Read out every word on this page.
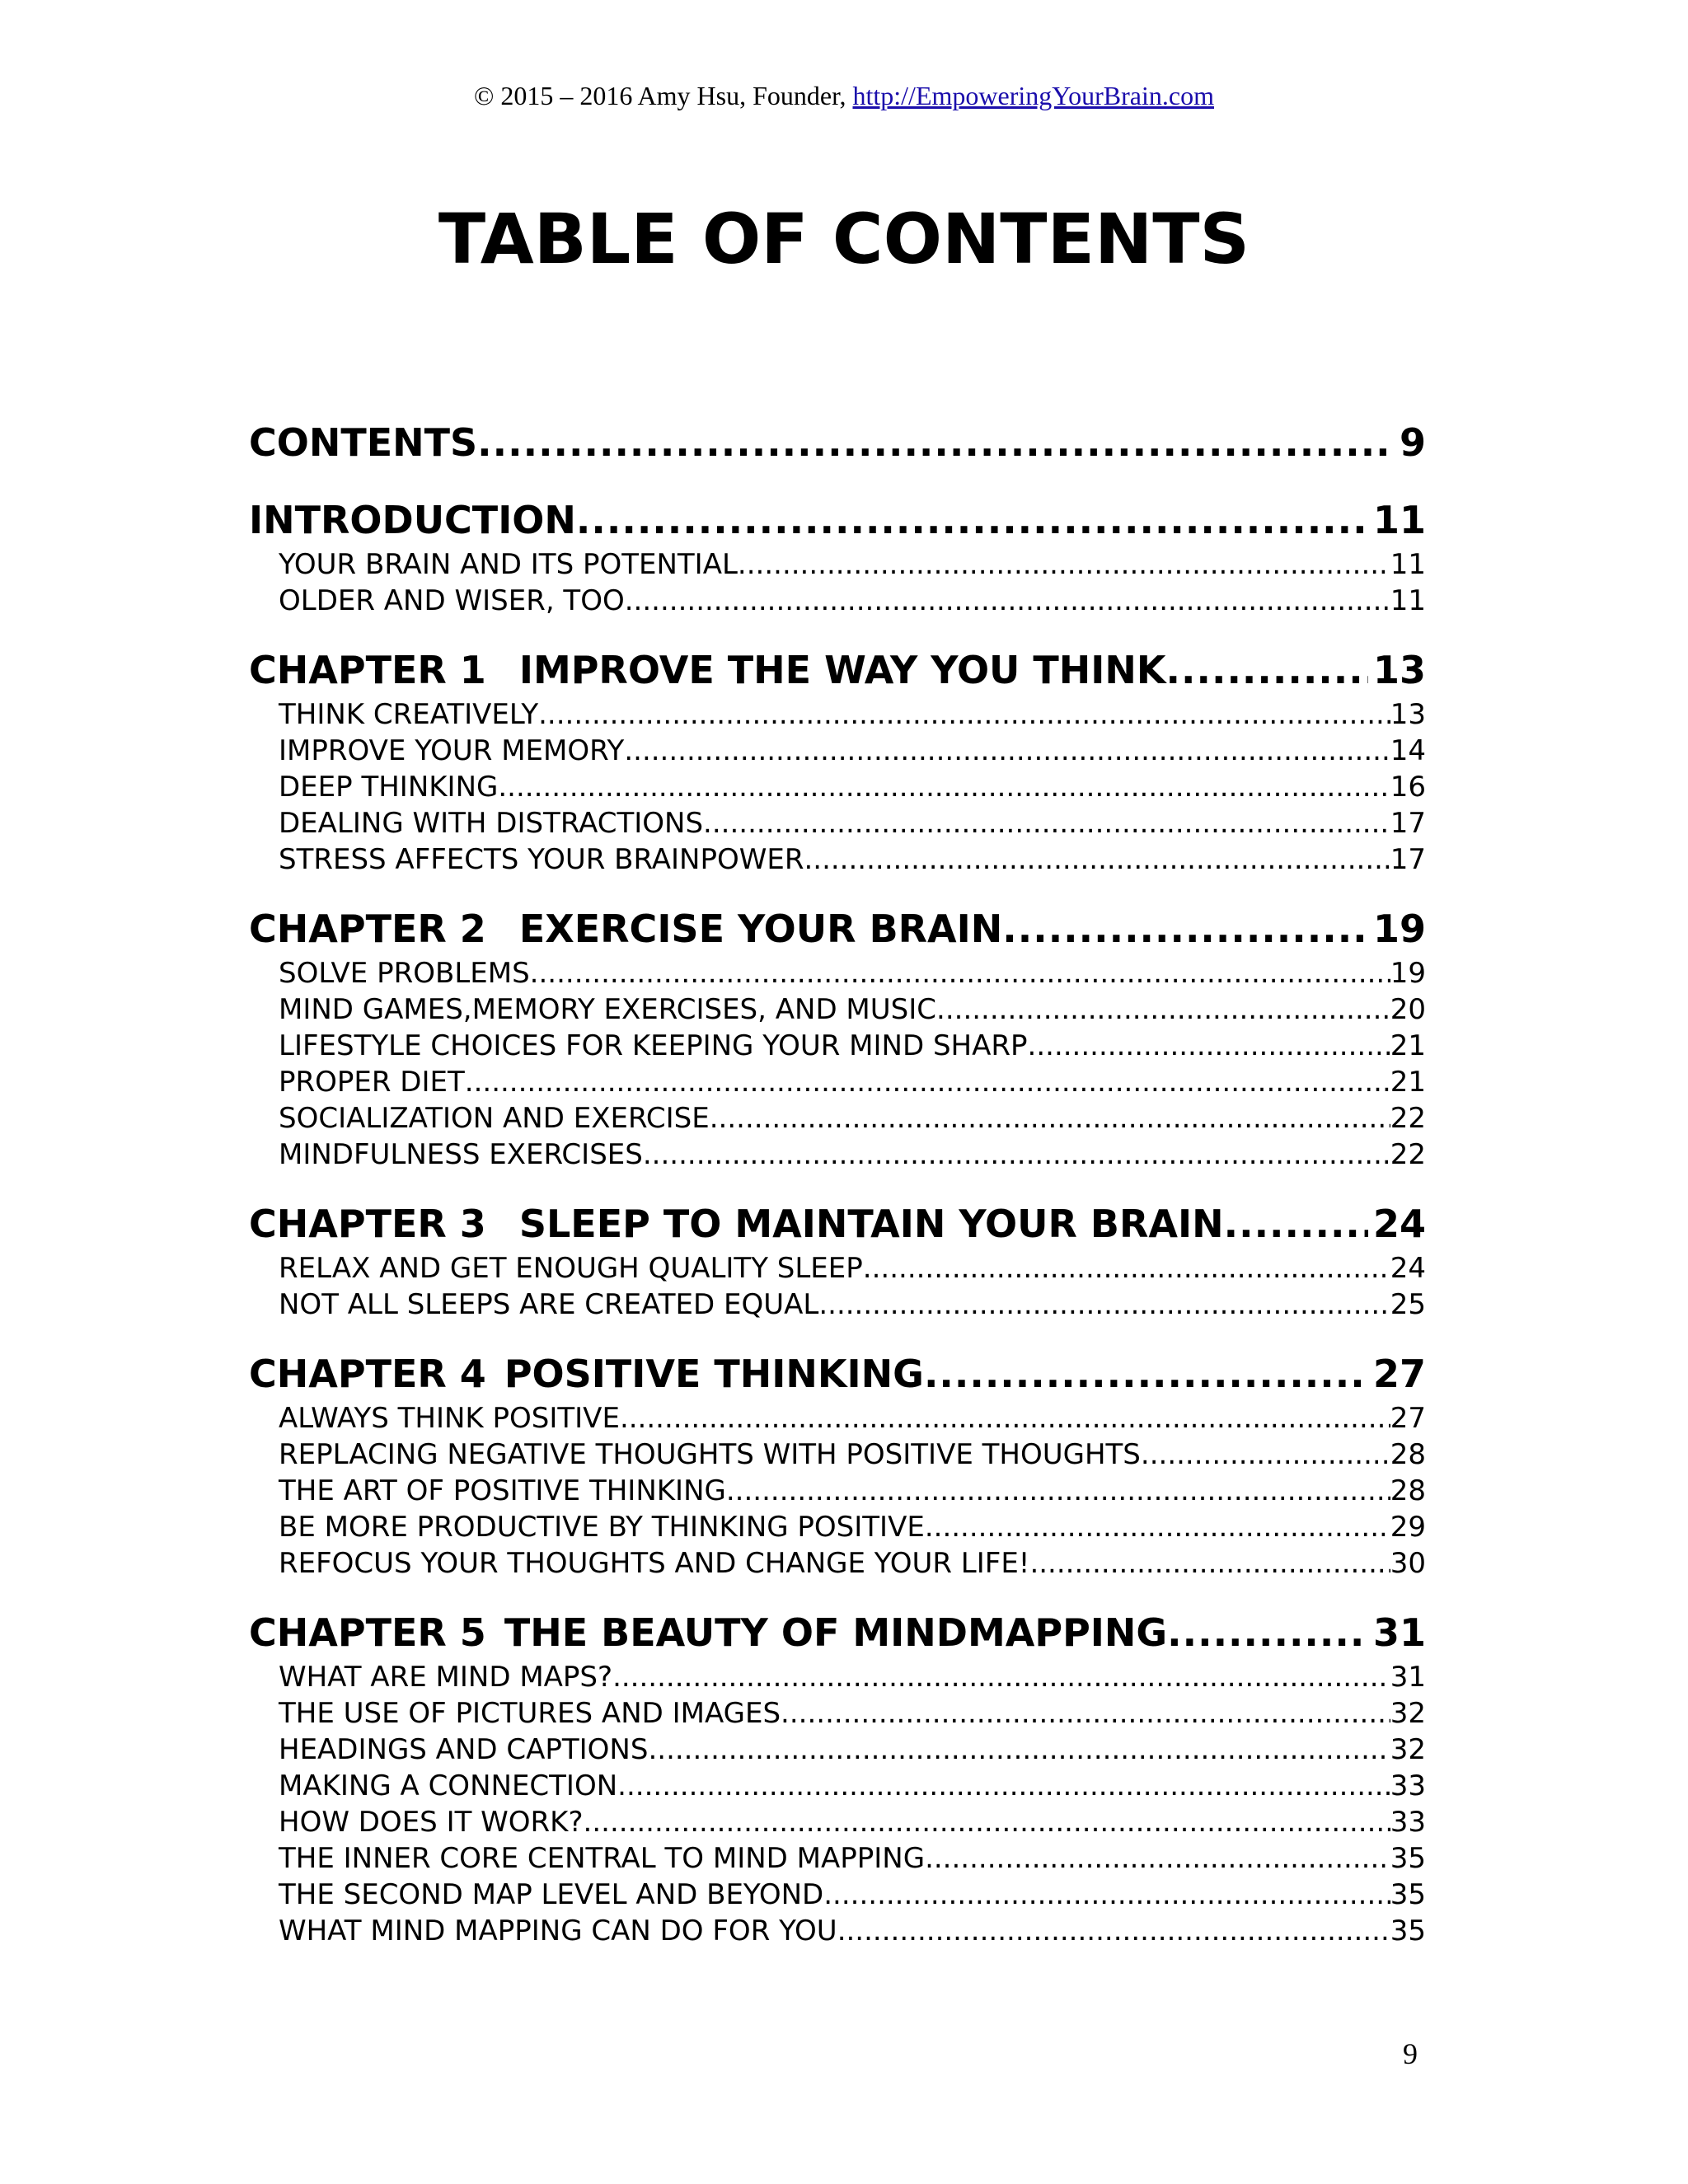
© 2015 – 2016 Amy Hsu, Founder, http://EmpoweringYourBrain.com
TABLE OF CONTENTS
CONTENTS .....	9
INTRODUCTION .....	11
YOUR BRAIN AND ITS POTENTIAL .....	11
OLDER AND WISER, TOO .....	11
CHAPTER 1 IMPROVE THE WAY YOU THINK .....	13
THINK CREATIVELY .....	13
IMPROVE YOUR MEMORY .....	14
DEEP THINKING .....	16
DEALING WITH DISTRACTIONS .....	17
STRESS AFFECTS YOUR BRAINPOWER .....	17
CHAPTER 2 EXERCISE YOUR BRAIN .....	19
SOLVE PROBLEMS .....	19
MIND GAMES,MEMORY EXERCISES, AND MUSIC .....	20
LIFESTYLE CHOICES FOR KEEPING YOUR MIND SHARP .....	21
PROPER DIET .....	21
SOCIALIZATION AND EXERCISE .....	22
MINDFULNESS EXERCISES .....	22
CHAPTER 3 SLEEP TO MAINTAIN YOUR BRAIN .....	24
RELAX AND GET ENOUGH QUALITY SLEEP .....	24
NOT ALL SLEEPS ARE CREATED EQUAL .....	25
CHAPTER 4 POSITIVE THINKING .....	27
ALWAYS THINK POSITIVE .....	27
REPLACING NEGATIVE THOUGHTS WITH POSITIVE THOUGHTS .....	28
THE ART OF POSITIVE THINKING .....	28
BE MORE PRODUCTIVE BY THINKING POSITIVE .....	29
REFOCUS YOUR THOUGHTS AND CHANGE YOUR LIFE! .....	30
CHAPTER 5 THE BEAUTY OF MINDMAPPING .....	31
WHAT ARE MIND MAPS? .....	31
THE USE OF PICTURES AND IMAGES .....	32
HEADINGS AND CAPTIONS .....	32
MAKING A CONNECTION .....	33
HOW DOES IT WORK? .....	33
THE INNER CORE CENTRAL TO MIND MAPPING .....	35
THE SECOND MAP LEVEL AND BEYOND .....	35
WHAT MIND MAPPING CAN DO FOR YOU .....	35
9
